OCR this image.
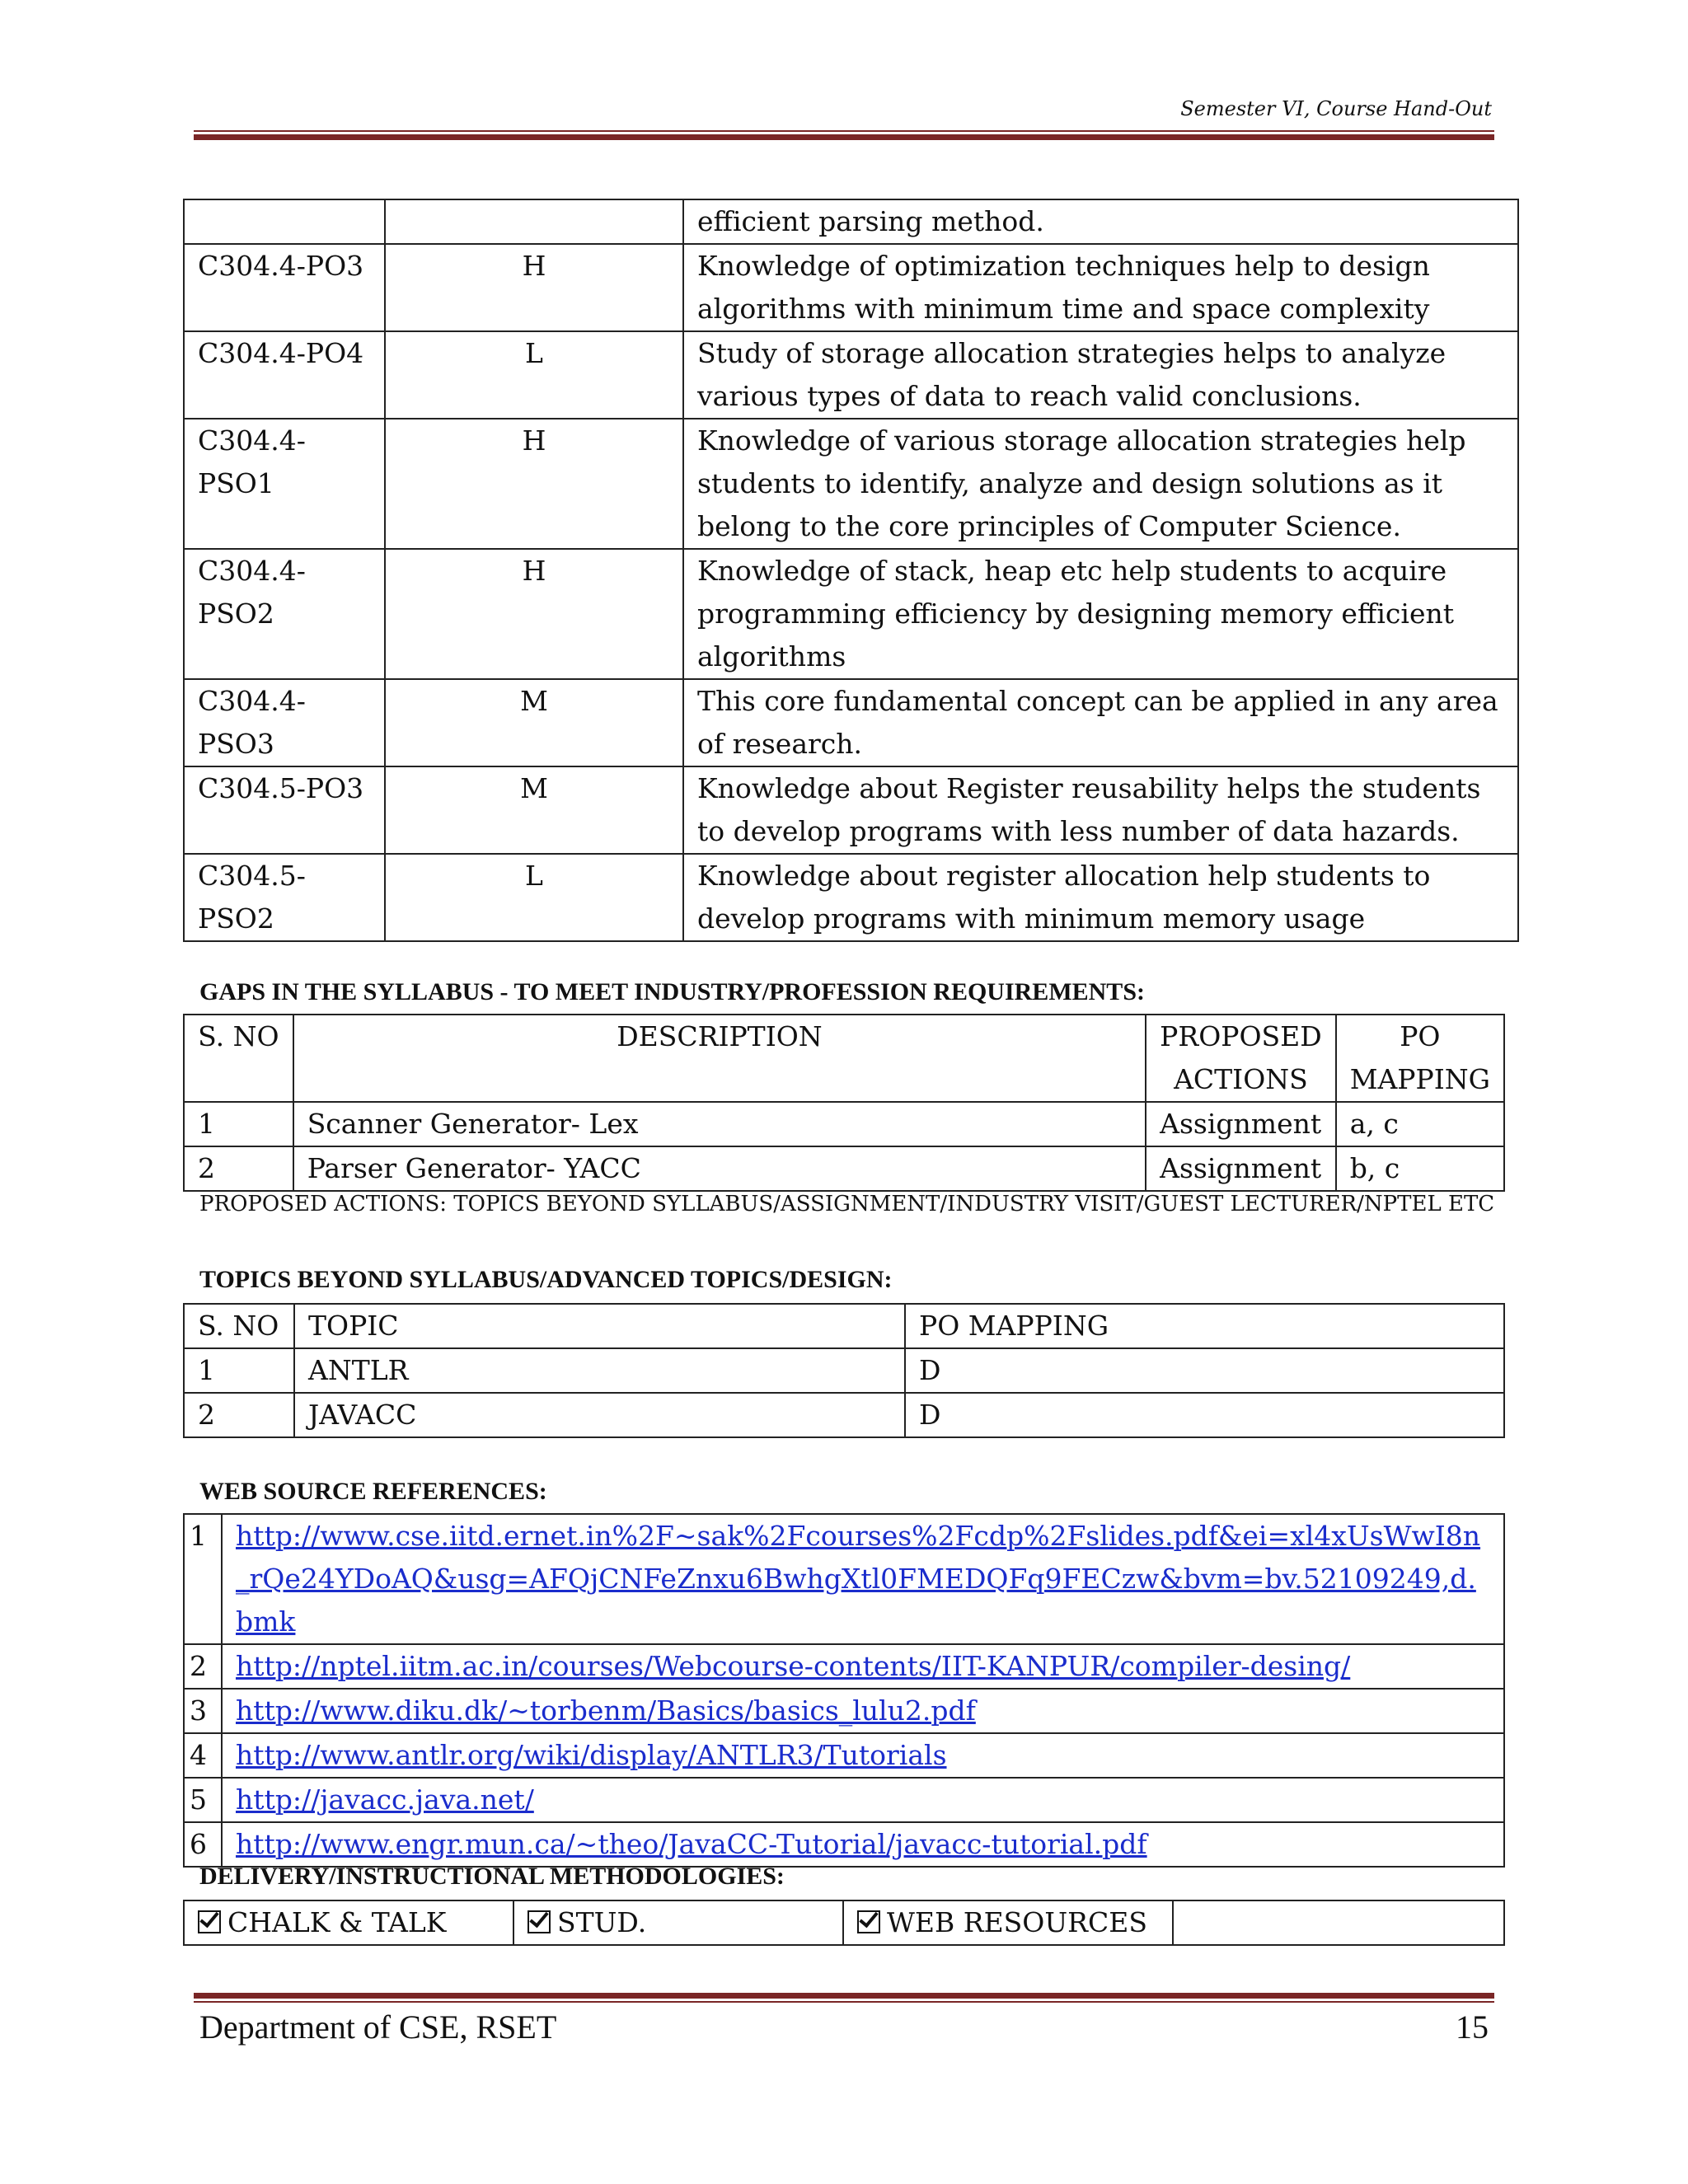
Semester VI, Course Hand-Out
		efficient parsing method.
C304.4-PO3	H	Knowledge of optimization techniques help to design algorithms with minimum time and space complexity
C304.4-PO4	L	Study of storage allocation strategies helps to analyze various types of data to reach valid conclusions.
C304.4-PSO1	H	Knowledge of various storage allocation strategies help students to identify, analyze and design solutions as it belong to the core principles of Computer Science.
C304.4-PSO2	H	Knowledge of stack, heap etc help students to acquire programming efficiency by designing memory efficient algorithms
C304.4-PSO3	M	This core fundamental concept can be applied in any area of research.
C304.5-PO3	M	Knowledge about Register reusability helps the students to develop programs with less number of data hazards.
C304.5-PSO2	L	Knowledge about register allocation help students to develop programs with minimum memory usage
GAPS IN THE SYLLABUS - TO MEET INDUSTRY/PROFESSION REQUIREMENTS:
S. NO	DESCRIPTION	PROPOSED ACTIONS	PO MAPPING
1	Scanner Generator- Lex	Assignment	a, c
2	Parser Generator- YACC	Assignment	b, c
PROPOSED ACTIONS: TOPICS BEYOND SYLLABUS/ASSIGNMENT/INDUSTRY VISIT/GUEST LECTURER/NPTEL ETC
TOPICS BEYOND SYLLABUS/ADVANCED TOPICS/DESIGN:
S. NO	TOPIC	PO MAPPING
1	ANTLR	D
2	JAVACC	D
WEB SOURCE REFERENCES:
1	http://www.cse.iitd.ernet.in%2F~sak%2Fcourses%2Fcdp%2Fslides.pdf&ei=xl4xUsWwI8n_rQe24YDoAQ&usg=AFQjCNFeZnxu6BwhgXtl0FMEDQFq9FECzw&bvm=bv.52109249,d.bmk
2	http://nptel.iitm.ac.in/courses/Webcourse-contents/IIT-KANPUR/compiler-desing/
3	http://www.diku.dk/~torbenm/Basics/basics_lulu2.pdf
4	http://www.antlr.org/wiki/display/ANTLR3/Tutorials
5	http://javacc.java.net/
6	http://www.engr.mun.ca/~theo/JavaCC-Tutorial/javacc-tutorial.pdf
DELIVERY/INSTRUCTIONAL METHODOLOGIES:
CHALK & TALK	STUD.	WEB RESOURCES	
Department of CSE, RSET	15
